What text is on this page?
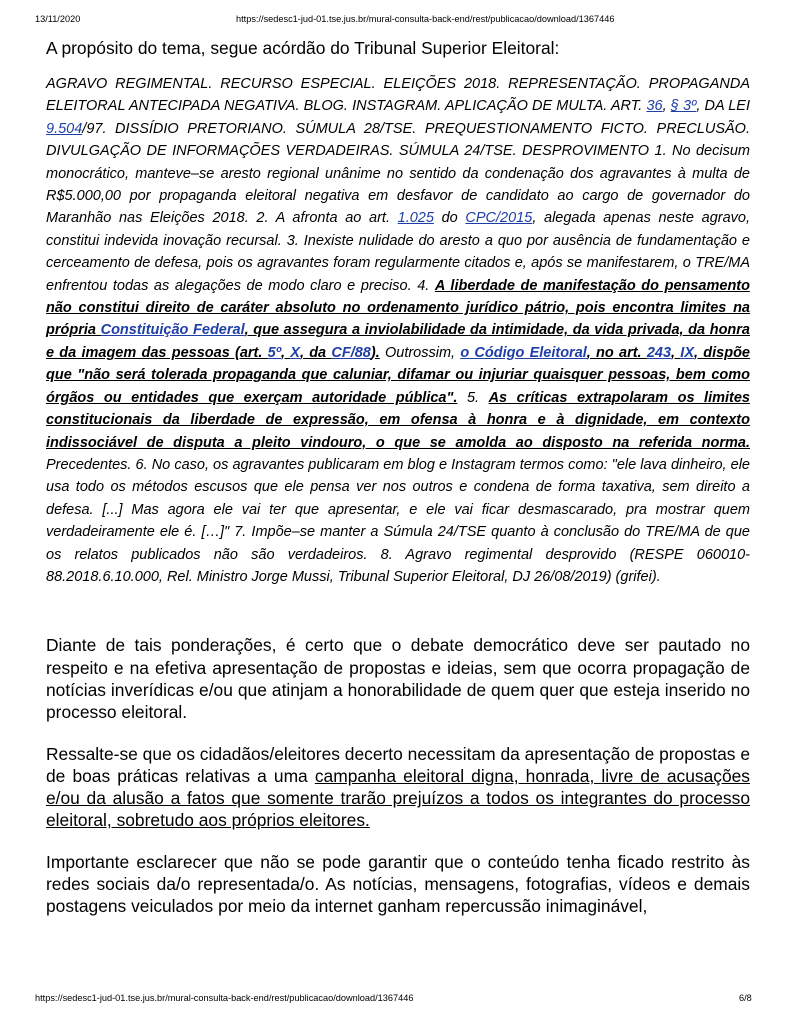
13/11/2020	https://sedesc1-jud-01.tse.jus.br/mural-consulta-back-end/rest/publicacao/download/1367446

A propósito do tema, segue acórdão do Tribunal Superior Eleitoral:

AGRAVO REGIMENTAL. RECURSO ESPECIAL. ELEIÇÕES 2018. REPRESENTAÇÃO. PROPAGANDA ELEITORAL ANTECIPADA NEGATIVA. BLOG. INSTAGRAM. APLICAÇÃO DE MULTA. ART. 36, § 3º, DA LEI 9.504/97. DISSÍDIO PRETORIANO. SÚMULA 28/TSE. PREQUESTIONAMENTO FICTO. PRECLUSÃO. DIVULGAÇÃO DE INFORMAÇÕES VERDADEIRAS. SÚMULA 24/TSE. DESPROVIMENTO 1. No decisum monocrático, manteve–se aresto regional unânime no sentido da condenação dos agravantes à multa de R$5.000,00 por propaganda eleitoral negativa em desfavor de candidato ao cargo de governador do Maranhão nas Eleições 2018. 2. A afronta ao art. 1.025 do CPC/2015, alegada apenas neste agravo, constitui indevida inovação recursal. 3. Inexiste nulidade do aresto a quo por ausência de fundamentação e cerceamento de defesa, pois os agravantes foram regularmente citados e, após se manifestarem, o TRE/MA enfrentou todas as alegações de modo claro e preciso. 4. A liberdade de manifestação do pensamento não constitui direito de caráter absoluto no ordenamento jurídico pátrio, pois encontra limites na própria Constituição Federal, que assegura a inviolabilidade da intimidade, da vida privada, da honra e da imagem das pessoas (art. 5º, X, da CF/88). Outrossim, o Código Eleitoral, no art. 243, IX, dispõe que "não será tolerada propaganda que caluniar, difamar ou injuriar quaisquer pessoas, bem como órgãos ou entidades que exerçam autoridade pública". 5. As críticas extrapolaram os limites constitucionais da liberdade de expressão, em ofensa à honra e à dignidade, em contexto indissociável de disputa a pleito vindouro, o que se amolda ao disposto na referida norma. Precedentes. 6. No caso, os agravantes publicaram em blog e Instagram termos como: "ele lava dinheiro, ele usa todo os métodos escusos que ele pensa ver nos outros e condena de forma taxativa, sem direito a defesa. [...] Mas agora ele vai ter que apresentar, e ele vai ficar desmascarado, pra mostrar quem verdadeiramente ele é. […]" 7. Impõe–se manter a Súmula 24/TSE quanto à conclusão do TRE/MA de que os relatos publicados não são verdadeiros. 8. Agravo regimental desprovido (RESPE 060010-88.2018.6.10.000, Rel. Ministro Jorge Mussi, Tribunal Superior Eleitoral, DJ 26/08/2019) (grifei).

Diante de tais ponderações, é certo que o debate democrático deve ser pautado no respeito e na efetiva apresentação de propostas e ideias, sem que ocorra propagação de notícias inverídicas e/ou que atinjam a honorabilidade de quem quer que esteja inserido no processo eleitoral.

Ressalte-se que os cidadãos/eleitores decerto necessitam da apresentação de propostas e de boas práticas relativas a uma campanha eleitoral digna, honrada, livre de acusações e/ou da alusão a fatos que somente trarão prejuízos a todos os integrantes do processo eleitoral, sobretudo aos próprios eleitores.

Importante esclarecer que não se pode garantir que o conteúdo tenha ficado restrito às redes sociais da/o representada/o. As notícias, mensagens, fotografias, vídeos e demais postagens veiculados por meio da internet ganham repercussão inimaginável,

https://sedesc1-jud-01.tse.jus.br/mural-consulta-back-end/rest/publicacao/download/1367446	6/8
